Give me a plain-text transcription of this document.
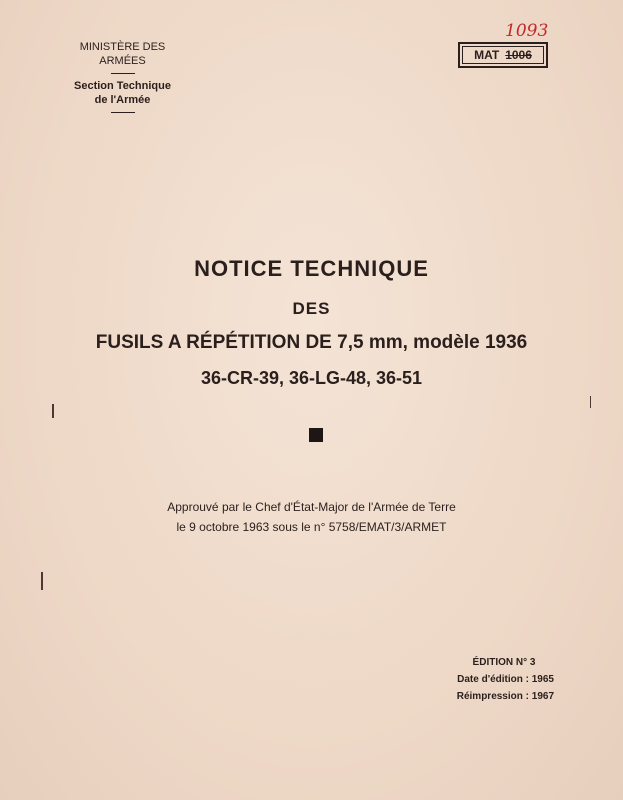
MINISTÈRE DES ARMÉES
Section Technique
de l'Armée
1093
MAT 1006
NOTICE TECHNIQUE
DES
FUSILS A RÉPÉTITION DE 7,5 mm, modèle 1936
36-CR-39, 36-LG-48, 36-51
Approuvé par le Chef d'État-Major de l'Armée de Terre
le 9 octobre 1963 sous le n° 5758/EMAT/3/ARMET
ÉDITION N° 3
Date d'édition : 1965
Réimpression : 1967
